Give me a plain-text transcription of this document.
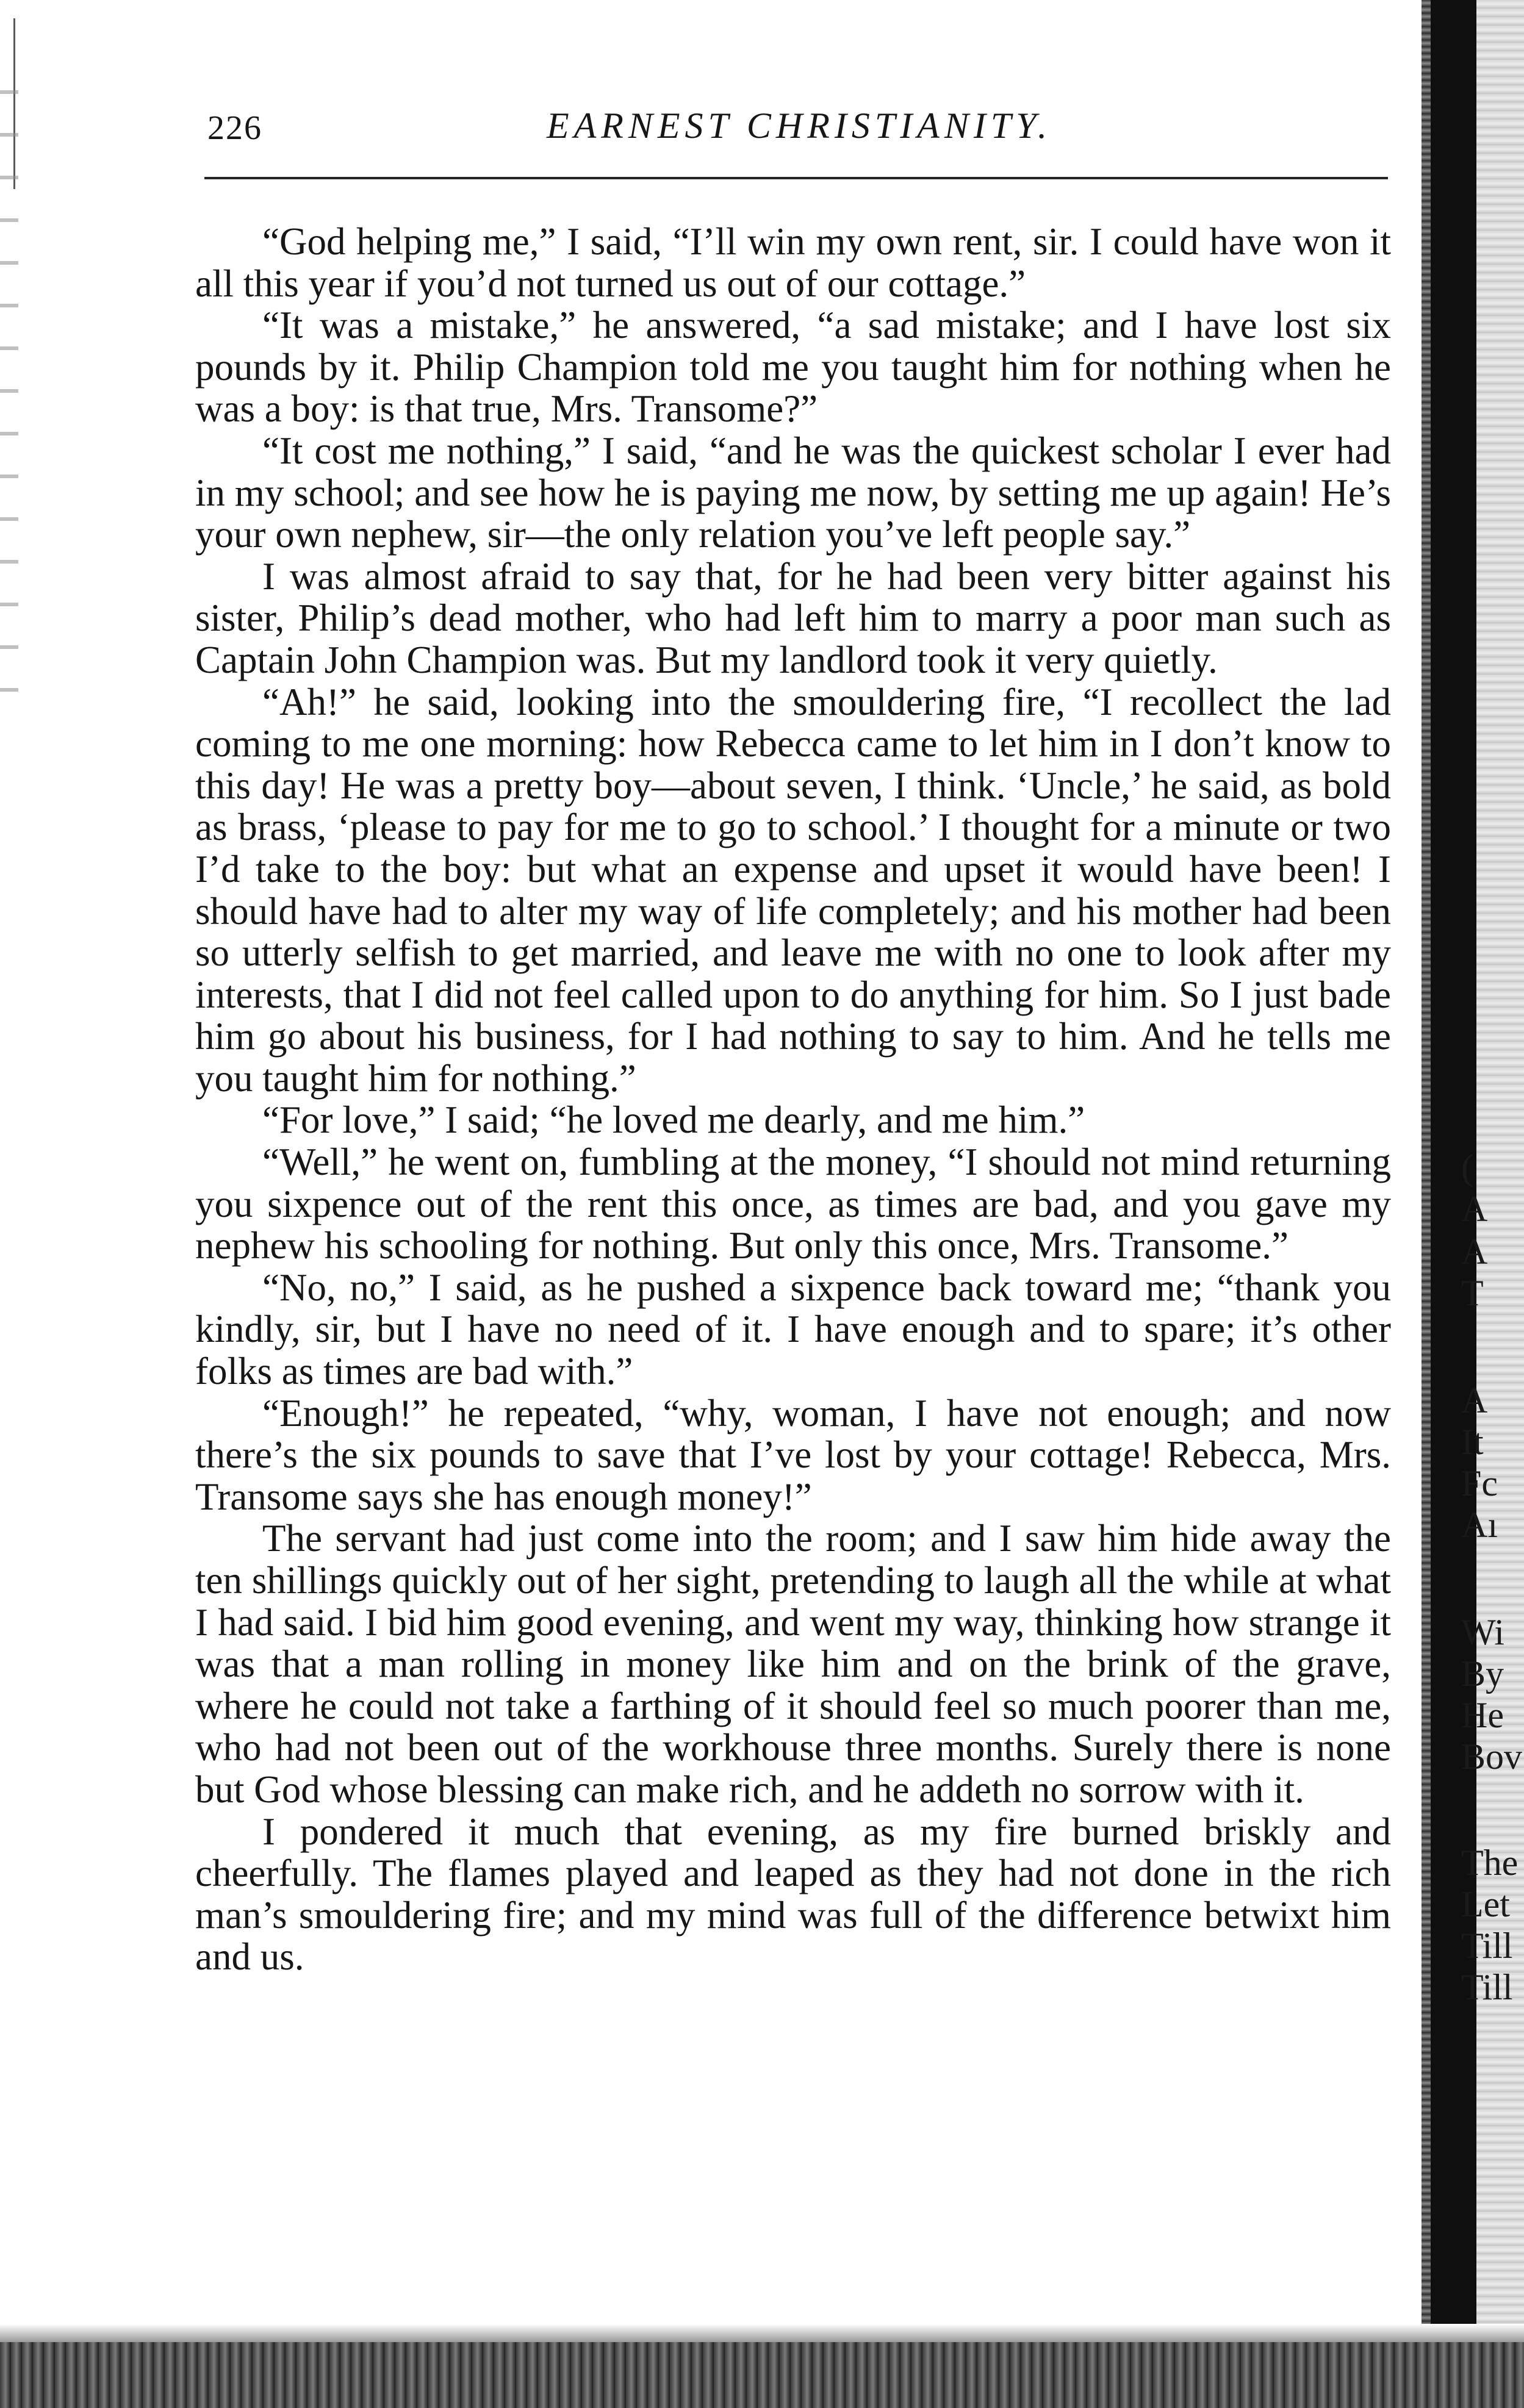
226	EARNEST CHRISTIANITY.

“God helping me,” I said, “I’ll win my own rent, sir. I could have won it all this year if you’d not turned us out of our cottage.”

“It was a mistake,” he answered, “a sad mistake; and I have lost six pounds by it. Philip Champion told me you taught him for nothing when he was a boy: is that true, Mrs. Transome?”

“It cost me nothing,” I said, “and he was the quickest scholar I ever had in my school; and see how he is paying me now, by setting me up again! He’s your own nephew, sir—the only relation you’ve left people say.”

I was almost afraid to say that, for he had been very bitter against his sister, Philip’s dead mother, who had left him to marry a poor man such as Captain John Champion was. But my landlord took it very quietly.

“Ah!” he said, looking into the smouldering fire, “I recollect the lad coming to me one morning: how Rebecca came to let him in I don’t know to this day! He was a pretty boy—about seven, I think. ‘Uncle,’ he said, as bold as brass, ‘please to pay for me to go to school.’ I thought for a minute or two I’d take to the boy: but what an expense and upset it would have been! I should have had to alter my way of life completely; and his mother had been so utterly selfish to get married, and leave me with no one to look after my interests, that I did not feel called upon to do anything for him. So I just bade him go about his business, for I had nothing to say to him. And he tells me you taught him for nothing.”

“For love,” I said; “he loved me dearly, and me him.”

“Well,” he went on, fumbling at the money, “I should not mind returning you sixpence out of the rent this once, as times are bad, and you gave my nephew his schooling for nothing. But only this once, Mrs. Transome.”

“No, no,” I said, as he pushed a sixpence back toward me; “thank you kindly, sir, but I have no need of it. I have enough and to spare; it’s other folks as times are bad with.”

“Enough!” he repeated, “why, woman, I have not enough; and now there’s the six pounds to save that I’ve lost by your cottage! Rebecca, Mrs. Transome says she has enough money!”

The servant had just come into the room; and I saw him hide away the ten shillings quickly out of her sight, pretending to laugh all the while at what I had said. I bid him good evening, and went my way, thinking how strange it was that a man rolling in money like him and on the brink of the grave, where he could not take a farthing of it should feel so much poorer than me, who had not been out of the workhouse three months. Surely there is none but God whose blessing can make rich, and he addeth no sorrow with it.

I pondered it much that evening, as my fire burned briskly and cheerfully. The flames played and leaped as they had not done in the rich man’s smouldering fire; and my mind was full of the difference betwixt him and us.

(
A
A
T
A
It
Fc
Aı
Wi
By
He
Bov
The
Let
Till
Till
